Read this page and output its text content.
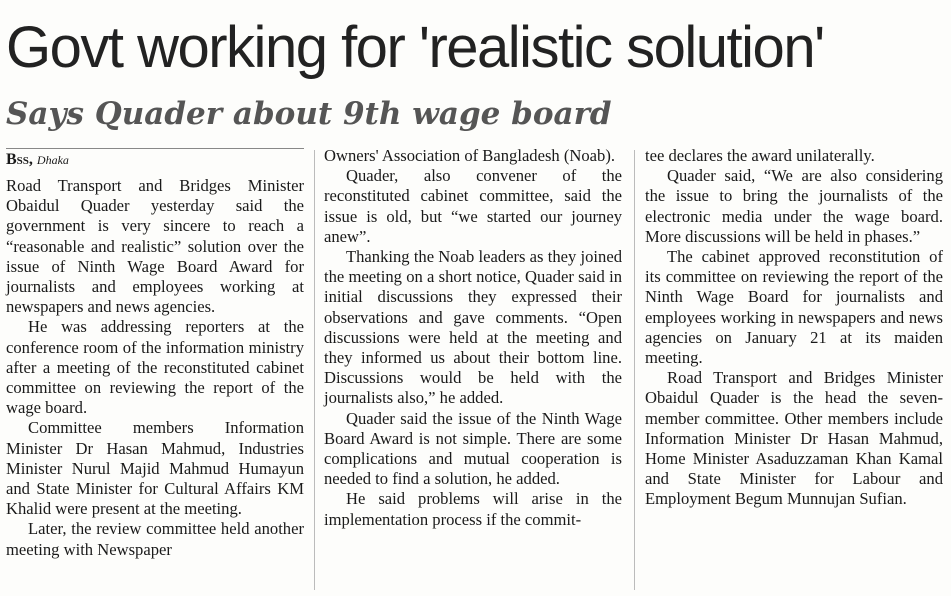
Govt working for 'realistic solution'
Says Quader about 9th wage board
Bss, Dhaka

Road Transport and Bridges Minister Obaidul Quader yesterday said the government is very sincere to reach a “reasonable and realistic” solution over the issue of Ninth Wage Board Award for journalists and employees working at newspapers and news agencies.

He was addressing reporters at the conference room of the information ministry after a meeting of the reconstituted cabinet committee on reviewing the report of the wage board.

Committee members Information Minister Dr Hasan Mahmud, Industries Minister Nurul Majid Mahmud Humayun and State Minister for Cultural Affairs KM Khalid were present at the meeting.

Later, the review committee held another meeting with Newspaper

Owners' Association of Bangladesh (Noab).

Quader, also convener of the reconstituted cabinet committee, said the issue is old, but “we started our journey anew”.

Thanking the Noab leaders as they joined the meeting on a short notice, Quader said in initial discussions they expressed their observations and gave comments. “Open discussions were held at the meeting and they informed us about their bottom line. Discussions would be held with the journalists also,” he added.

Quader said the issue of the Ninth Wage Board Award is not simple. There are some complications and mutual cooperation is needed to find a solution, he added.

He said problems will arise in the implementation process if the commit-

tee declares the award unilaterally.

Quader said, “We are also considering the issue to bring the journalists of the electronic media under the wage board. More discussions will be held in phases.”

The cabinet approved reconstitution of its committee on reviewing the report of the Ninth Wage Board for journalists and employees working in newspapers and news agencies on January 21 at its maiden meeting.

Road Transport and Bridges Minister Obaidul Quader is the head the seven-member committee. Other members include Information Minister Dr Hasan Mahmud, Home Minister Asaduzzaman Khan Kamal and State Minister for Labour and Employment Begum Munnujan Sufian.
